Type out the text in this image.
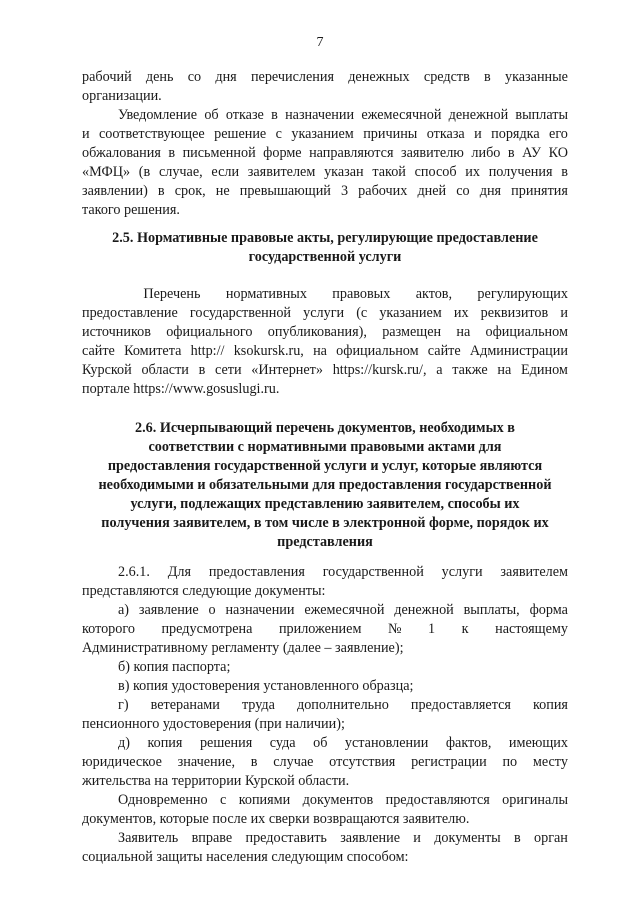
7
рабочий день со дня перечисления денежных средств в указанные
организации.
Уведомление об отказе в назначении ежемесячной денежной выплаты
и соответствующее решение с указанием причины отказа и порядка его
обжалования в письменной форме направляются заявителю либо в АУ КО
«МФЦ» (в случае, если заявителем указан такой способ их получения в
заявлении) в срок, не превышающий 3 рабочих дней со дня принятия
такого решения.
2.5. Нормативные правовые акты, регулирующие предоставление
государственной услуги
Перечень нормативных правовых актов, регулирующих
предоставление государственной услуги (с указанием их реквизитов и
источников официального опубликования), размещен на официальном
сайте Комитета http:// ksokursk.ru, на официальном сайте Администрации
Курской области в сети «Интернет» https://kursk.ru/, а также на Едином
портале https://www.gosuslugi.ru.
2.6. Исчерпывающий перечень документов, необходимых в
соответствии с нормативными правовыми актами для
предоставления государственной услуги и услуг, которые являются
необходимыми и обязательными для предоставления государственной
услуги, подлежащих представлению заявителем, способы их
получения заявителем, в том числе в электронной форме, порядок их
представления
2.6.1. Для предоставления государственной услуги заявителем
представляются следующие документы:
а) заявление о назначении ежемесячной денежной выплаты, форма
которого предусмотрена приложением № 1 к настоящему
Административному регламенту (далее – заявление);
б) копия паспорта;
в) копия удостоверения установленного образца;
г) ветеранами труда дополнительно предоставляется копия
пенсионного удостоверения (при наличии);
д) копия решения суда об установлении фактов, имеющих
юридическое значение, в случае отсутствия регистрации по месту
жительства на территории Курской области.
Одновременно с копиями документов предоставляются оригиналы
документов, которые после их сверки возвращаются заявителю.
Заявитель вправе предоставить заявление и документы в орган
социальной защиты населения следующим способом:
